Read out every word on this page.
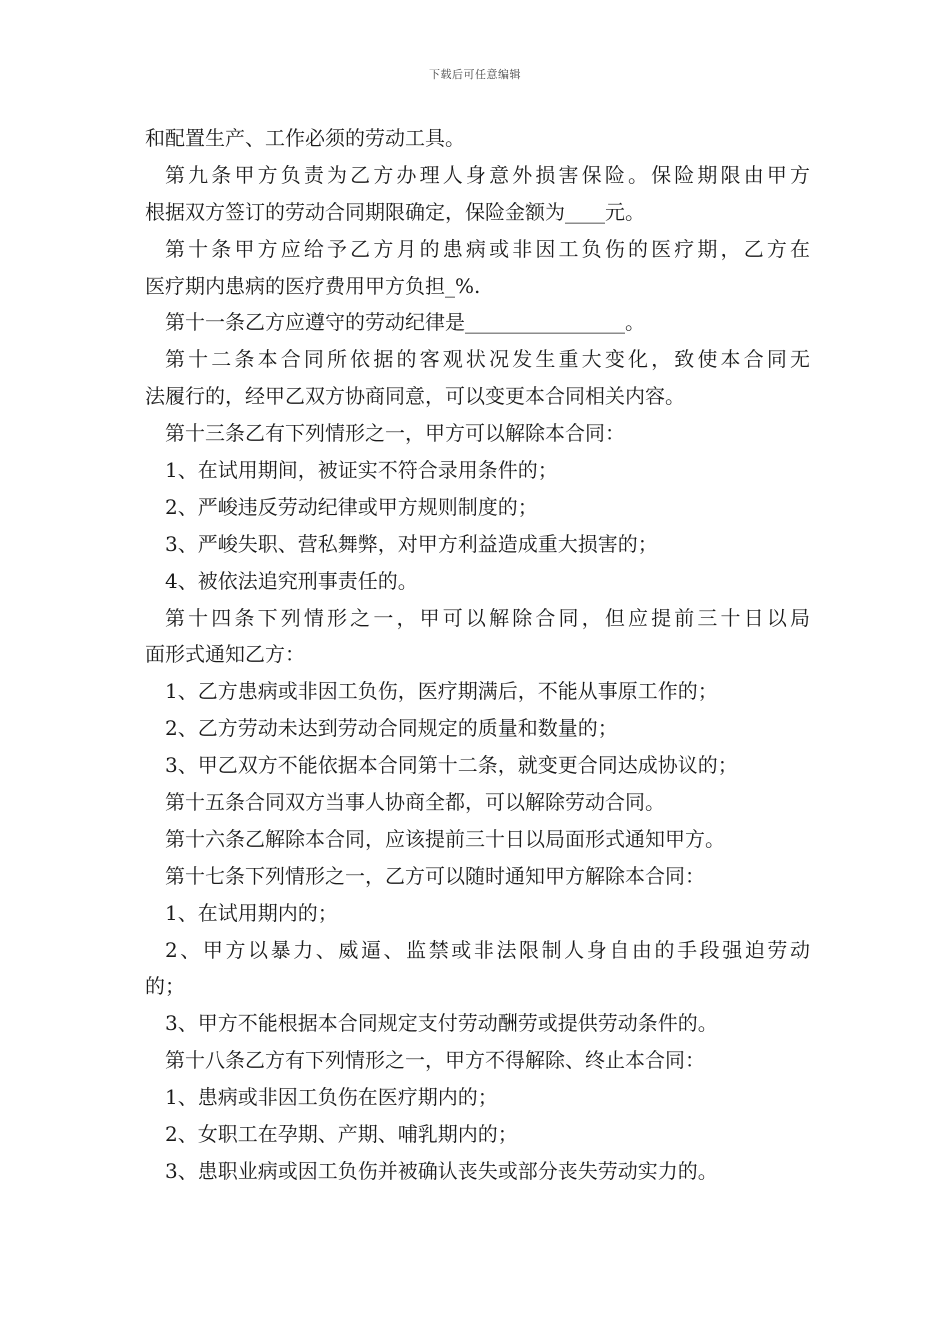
下载后可任意编辑
和配置生产、工作必须的劳动工具。
第九条甲方负责为乙方办理人身意外损害保险。保险期限由甲方
根据双方签订的劳动合同期限确定，保险金额为____元。
第十条甲方应给予乙方月的患病或非因工负伤的医疗期，乙方在
医疗期内患病的医疗费用甲方负担_%.
第十一条乙方应遵守的劳动纪律是________________。
第十二条本合同所依据的客观状况发生重大变化，致使本合同无
法履行的，经甲乙双方协商同意，可以变更本合同相关内容。
第十三条乙有下列情形之一，甲方可以解除本合同：
1、在试用期间，被证实不符合录用条件的；
2、严峻违反劳动纪律或甲方规则制度的；
3、严峻失职、营私舞弊，对甲方利益造成重大损害的；
4、被依法追究刑事责任的。
第十四条下列情形之一，甲可以解除合同，但应提前三十日以局
面形式通知乙方：
1、乙方患病或非因工负伤，医疗期满后，不能从事原工作的；
2、乙方劳动未达到劳动合同规定的质量和数量的；
3、甲乙双方不能依据本合同第十二条，就变更合同达成协议的；
第十五条合同双方当事人协商全都，可以解除劳动合同。
第十六条乙解除本合同，应该提前三十日以局面形式通知甲方。
第十七条下列情形之一，乙方可以随时通知甲方解除本合同：
1、在试用期内的；
2、甲方以暴力、威逼、监禁或非法限制人身自由的手段强迫劳动
的；
3、甲方不能根据本合同规定支付劳动酬劳或提供劳动条件的。
第十八条乙方有下列情形之一，甲方不得解除、终止本合同：
1、患病或非因工负伤在医疗期内的；
2、女职工在孕期、产期、哺乳期内的；
3、患职业病或因工负伤并被确认丧失或部分丧失劳动实力的。
